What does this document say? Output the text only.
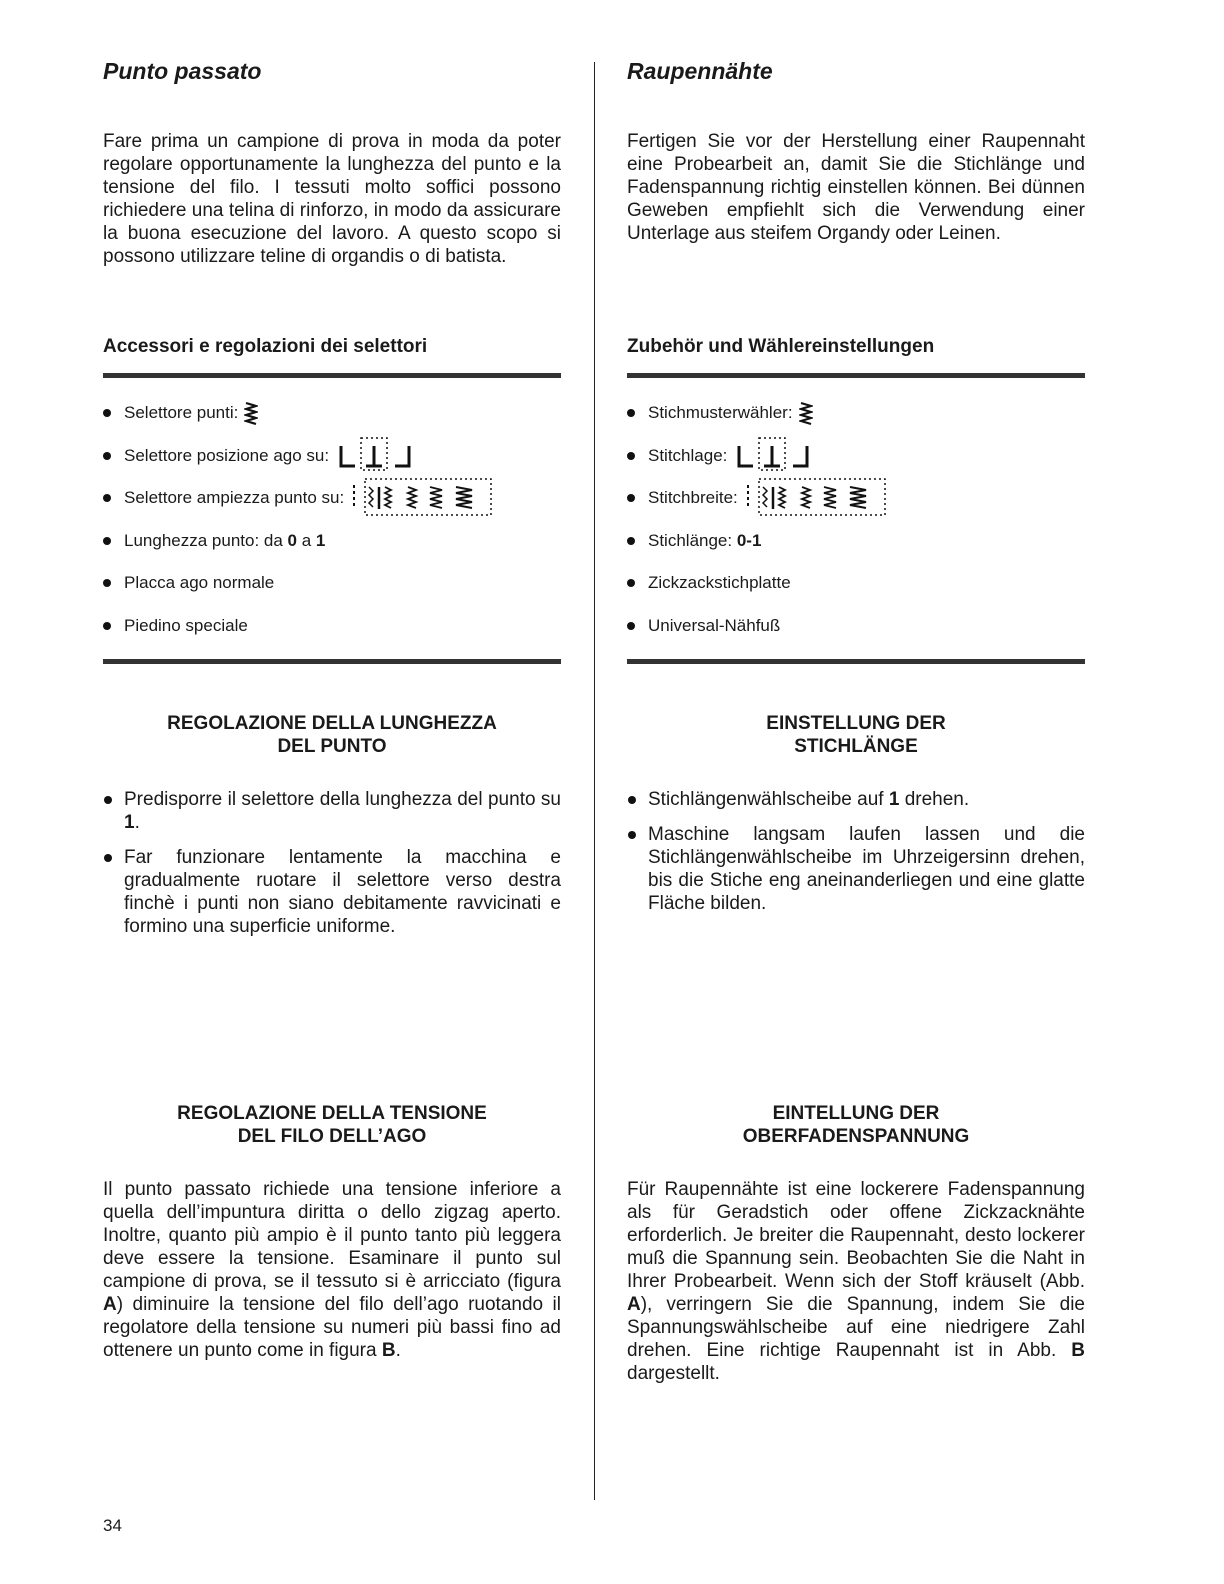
Punto passato

Fare prima un campione di prova in moda da poter regolare opportunamente la lunghezza del punto e la tensione del filo. I tessuti molto soffici possono richiedere una telina di rinforzo, in modo da assicurare la buona esecuzione del lavoro. A questo scopo si possono utilizzare teline di organdis o di batista.

Accessori e regolazioni dei selettori
Selettore punti:
Selettore posizione ago su:
Selettore ampiezza punto su:
Lunghezza punto: da 0 a 1
Placca ago normale
Piedino speciale

REGOLAZIONE DELLA LUNGHEZZA

DEL PUNTO

Predisporre il selettore della lunghezza del punto su 1.
Far funzionare lentamente la macchina e gradualmente ruotare il selettore verso destra finchè i punti non siano debitamente ravvicinati e formino una superficie uniforme.

REGOLAZIONE DELLA TENSIONE

DEL FILO DELL’AGO

Il punto passato richiede una tensione inferiore a quella dell’impuntura diritta o dello zigzag aperto. Inoltre, quanto più ampio è il punto tanto più leggera deve essere la tensione. Esaminare il punto sul campione di prova, se il tessuto si è arricciato (figura A) diminuire la tensione del filo dell’ago ruotando il regolatore della tensione su numeri più bassi fino ad ottenere un punto come in figura B.

Raupennähte

Fertigen Sie vor der Herstellung einer Raupennaht eine Probearbeit an, damit Sie die Stichlänge und Fadenspannung richtig einstellen können. Bei dünnen Geweben empfiehlt sich die Verwendung einer Unterlage aus steifem Organdy oder Leinen.

Zubehör und Wählereinstellungen
Stichmusterwähler:
Stitchlage:
Stitchbreite:
Stichlänge: 0-1
Zickzackstichplatte
Universal-Nähfuß

EINSTELLUNG DER

STICHLÄNGE

Stichlängenwählscheibe auf 1 drehen.
Maschine langsam laufen lassen und die Stichlängenwählscheibe im Uhrzeigersinn drehen, bis die Stiche eng aneinanderliegen und eine glatte Fläche bilden.

EINTELLUNG DER

OBERFADENSPANNUNG

Für Raupennähte ist eine lockerere Fadenspannung als für Geradstich oder offene Zickzacknähte erforderlich. Je breiter die Raupennaht, desto lockerer muß die Spannung sein. Beobachten Sie die Naht in Ihrer Probearbeit. Wenn sich der Stoff kräuselt (Abb. A), verringern Sie die Spannung, indem Sie die Spannungswählscheibe auf eine niedrigere Zahl drehen. Eine richtige Raupennaht ist in Abb. B dargestellt.

34
